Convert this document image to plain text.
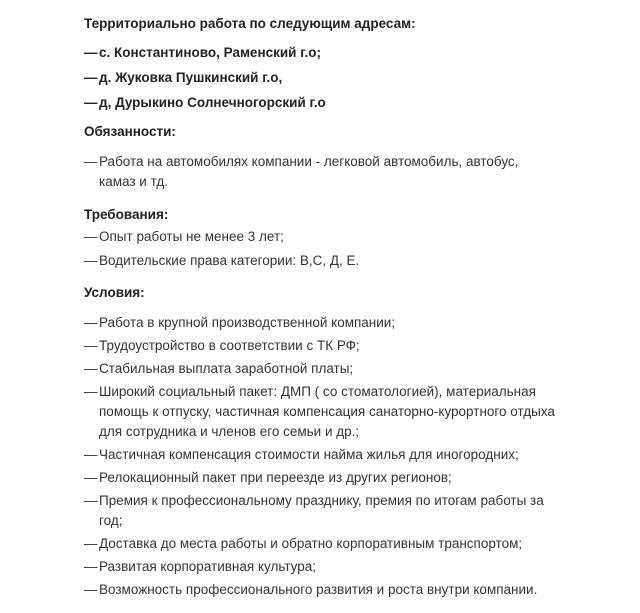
Территориально работа по следующим адресам:

— с. Константиново, Раменский г.о;
— д. Жуковка Пушкинский г.о,
— д, Дурыкино Солнечногорский г.о

Обязанности:

— Работа на автомобилях компании - легковой автомобиль, автобус, камаз и тд.

Требования:

— Опыт работы не менее 3 лет;
— Водительские права категории: В,С, Д, Е.

Условия:

— Работа в крупной производственной компании;
— Трудоустройство в соответствии с ТК РФ;
— Стабильная выплата заработной платы;
— Широкий социальный пакет: ДМП ( со стоматологией), материальная помощь к отпуску, частичная компенсация санаторно-курортного отдыха для сотрудника и членов его семьи и др.;
— Частичная компенсация стоимости найма жилья для иногородних;
— Релокационный пакет при переезде из других регионов;
— Премия к профессиональному празднику, премия по итогам работы за год;
— Доставка до места работы и обратно корпоративным транспортом;
— Развитая корпоративная культура;
— Возможность профессионального развития и роста внутри компании.
